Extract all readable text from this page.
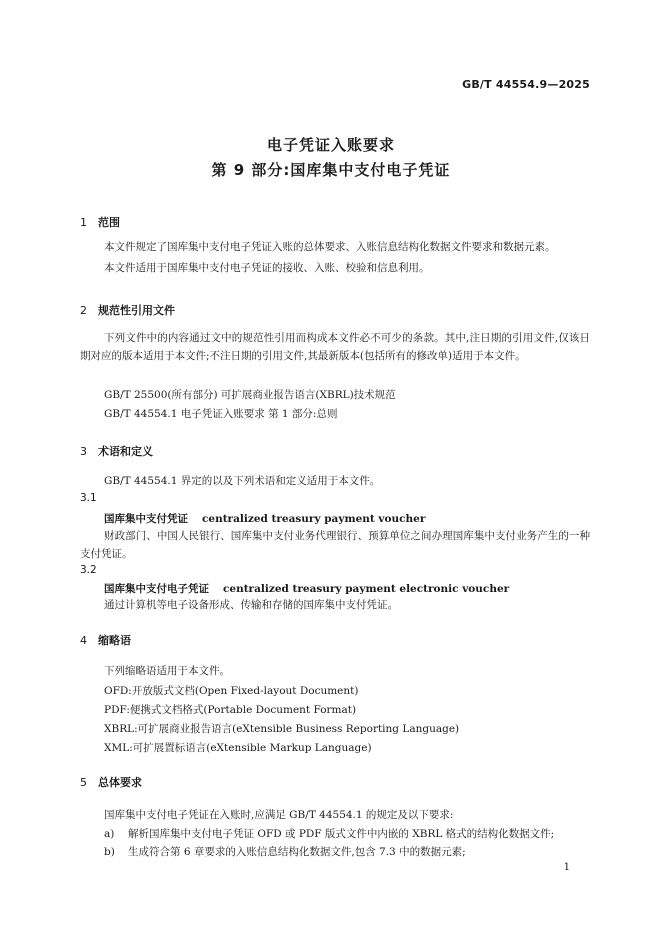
GB/T 44554.9—2025
电子凭证入账要求
第 9 部分:国库集中支付电子凭证
1 范围
本文件规定了国库集中支付电子凭证入账的总体要求、入账信息结构化数据文件要求和数据元素。
本文件适用于国库集中支付电子凭证的接收、入账、校验和信息利用。
2 规范性引用文件
下列文件中的内容通过文中的规范性引用而构成本文件必不可少的条款。其中,注日期的引用文件,仅该日期对应的版本适用于本文件;不注日期的引用文件,其最新版本(包括所有的修改单)适用于本文件。
GB/T 25500(所有部分) 可扩展商业报告语言(XBRL)技术规范
GB/T 44554.1 电子凭证入账要求 第 1 部分:总则
3 术语和定义
GB/T 44554.1 界定的以及下列术语和定义适用于本文件。
3.1
国库集中支付凭证 centralized treasury payment voucher
财政部门、中国人民银行、国库集中支付业务代理银行、预算单位之间办理国库集中支付业务产生的一种支付凭证。
3.2
国库集中支付电子凭证 centralized treasury payment electronic voucher
通过计算机等电子设备形成、传输和存储的国库集中支付凭证。
4 缩略语
下列缩略语适用于本文件。
OFD:开放版式文档(Open Fixed-layout Document)
PDF:便携式文档格式(Portable Document Format)
XBRL:可扩展商业报告语言(eXtensible Business Reporting Language)
XML:可扩展置标语言(eXtensible Markup Language)
5 总体要求
国库集中支付电子凭证在入账时,应满足 GB/T 44554.1 的规定及以下要求:
a) 解析国库集中支付电子凭证 OFD 或 PDF 版式文件中内嵌的 XBRL 格式的结构化数据文件;
b) 生成符合第 6 章要求的入账信息结构化数据文件,包含 7.3 中的数据元素;
1
